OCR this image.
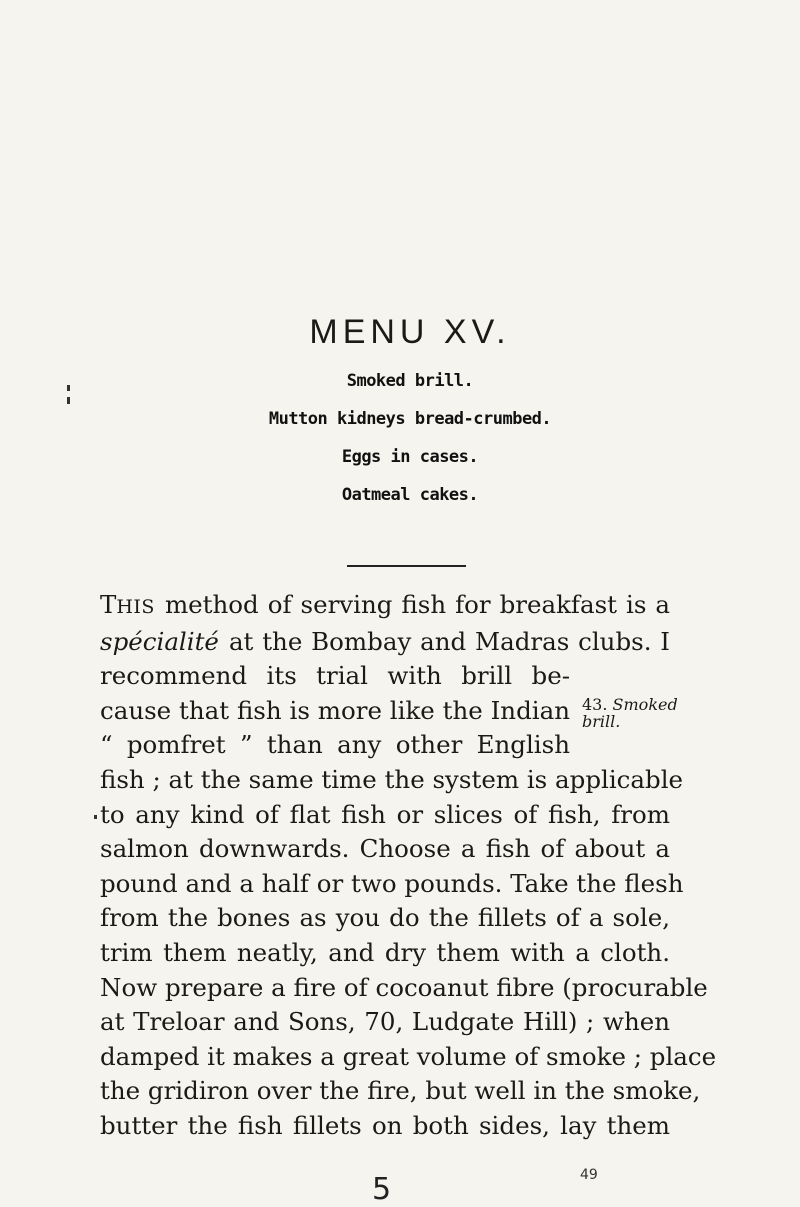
MENU XV.
Smoked brill.
Mutton kidneys bread-crumbed.
Eggs in cases.
Oatmeal cakes.
THIS method of serving fish for breakfast is a
spécialité at the Bombay and Madras clubs. I
recommend its trial with brill be-
cause that fish is more like the Indian
“ pomfret ” than any other English
fish ; at the same time the system is applicable
to any kind of flat fish or slices of fish, from
salmon downwards. Choose a fish of about a
pound and a half or two pounds. Take the flesh
from the bones as you do the fillets of a sole,
trim them neatly, and dry them with a cloth.
Now prepare a fire of cocoanut fibre (procurable
at Treloar and Sons, 70, Ludgate Hill) ; when
damped it makes a great volume of smoke ; place
the gridiron over the fire, but well in the smoke,
butter the fish fillets on both sides, lay them
43. Smoked
brill.
5	49
